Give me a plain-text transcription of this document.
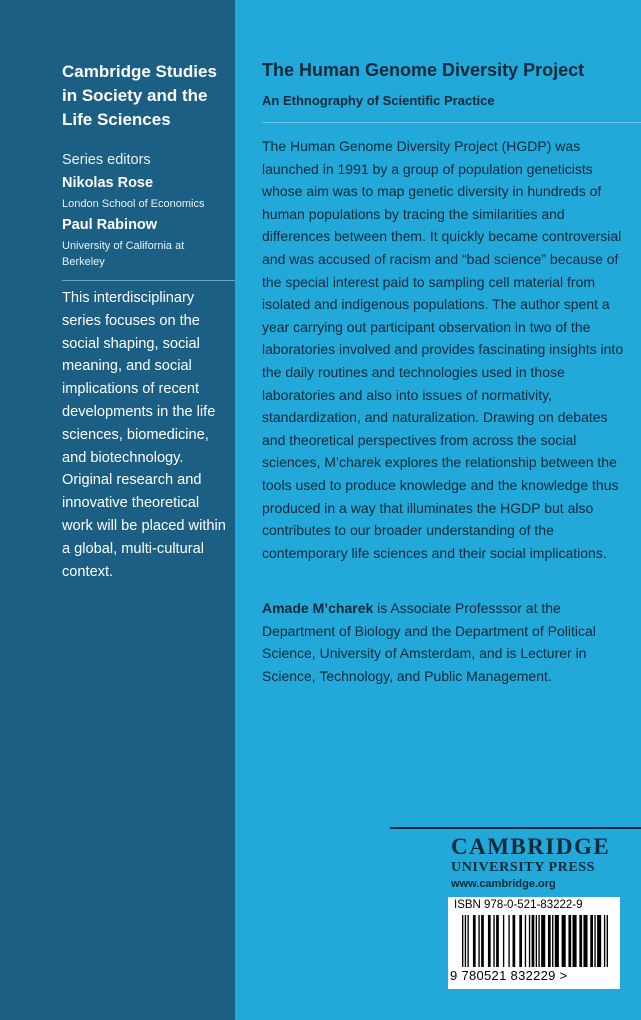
Cambridge Studies in Society and the Life Sciences
Series editors
Nikolas Rose
London School of Economics
Paul Rabinow
University of California at Berkeley
This interdisciplinary series focuses on the social shaping, social meaning, and social implications of recent developments in the life sciences, biomedicine, and biotechnology. Original research and innovative theoretical work will be placed within a global, multi-cultural context.
The Human Genome Diversity Project
An Ethnography of Scientific Practice
The Human Genome Diversity Project (HGDP) was launched in 1991 by a group of population geneticists whose aim was to map genetic diversity in hundreds of human populations by tracing the similarities and differences between them. It quickly became controversial and was accused of racism and “bad science” because of the special interest paid to sampling cell material from isolated and indigenous populations. The author spent a year carrying out participant observation in two of the laboratories involved and provides fascinating insights into the daily routines and technologies used in those laboratories and also into issues of normativity, standardization, and naturalization. Drawing on debates and theoretical perspectives from across the social sciences, M’charek explores the relationship between the tools used to produce knowledge and the knowledge thus produced in a way that illuminates the HGDP but also contributes to our broader understanding of the contemporary life sciences and their social implications.
Amade M’charek is Associate Professsor at the Department of Biology and the Department of Political Science, University of Amsterdam, and is Lecturer in Science, Technology, and Public Management.
CAMBRIDGE
UNIVERSITY PRESS
www.cambridge.org
ISBN 978-0-521-83222-9
9 780521 832229 >
